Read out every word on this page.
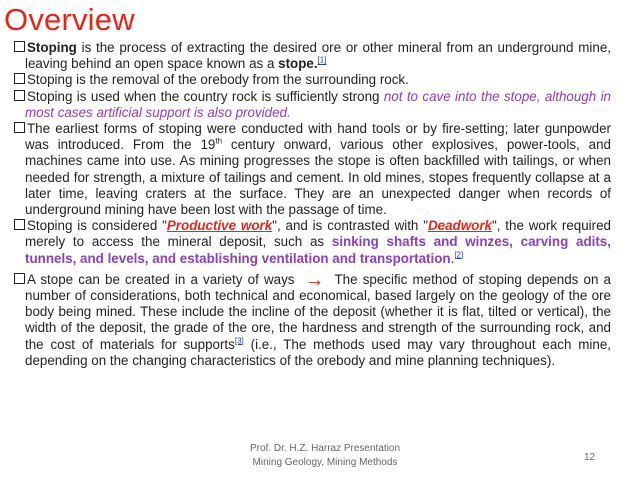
Overview

Stoping is the process of extracting the desired ore or other mineral from an underground mine, leaving behind an open space known as a stope.[1]

Stoping is the removal of the orebody from the surrounding rock.

Stoping is used when the country rock is sufficiently strong not to cave into the stope, although in most cases artificial support is also provided.

The earliest forms of stoping were conducted with hand tools or by fire-setting; later gunpowder was introduced. From the 19th century onward, various other explosives, power-tools, and machines came into use. As mining progresses the stope is often backfilled with tailings, or when needed for strength, a mixture of tailings and cement. In old mines, stopes frequently collapse at a later time, leaving craters at the surface. They are an unexpected danger when records of underground mining have been lost with the passage of time.

Stoping is considered "Productive work", and is contrasted with "Deadwork", the work required merely to access the mineral deposit, such as sinking shafts and winzes, carving adits, tunnels, and levels, and establishing ventilation and transportation.[2]

A stope can be created in a variety of ways → The specific method of stoping depends on a number of considerations, both technical and economical, based largely on the geology of the ore body being mined. These include the incline of the deposit (whether it is flat, tilted or vertical), the width of the deposit, the grade of the ore, the hardness and strength of the surrounding rock, and the cost of materials for supports[3] (i.e., The methods used may vary throughout each mine, depending on the changing characteristics of the orebody and mine planning techniques).

Prof. Dr. H.Z. Harraz Presentation
Mining Geology, Mining Methods	12
